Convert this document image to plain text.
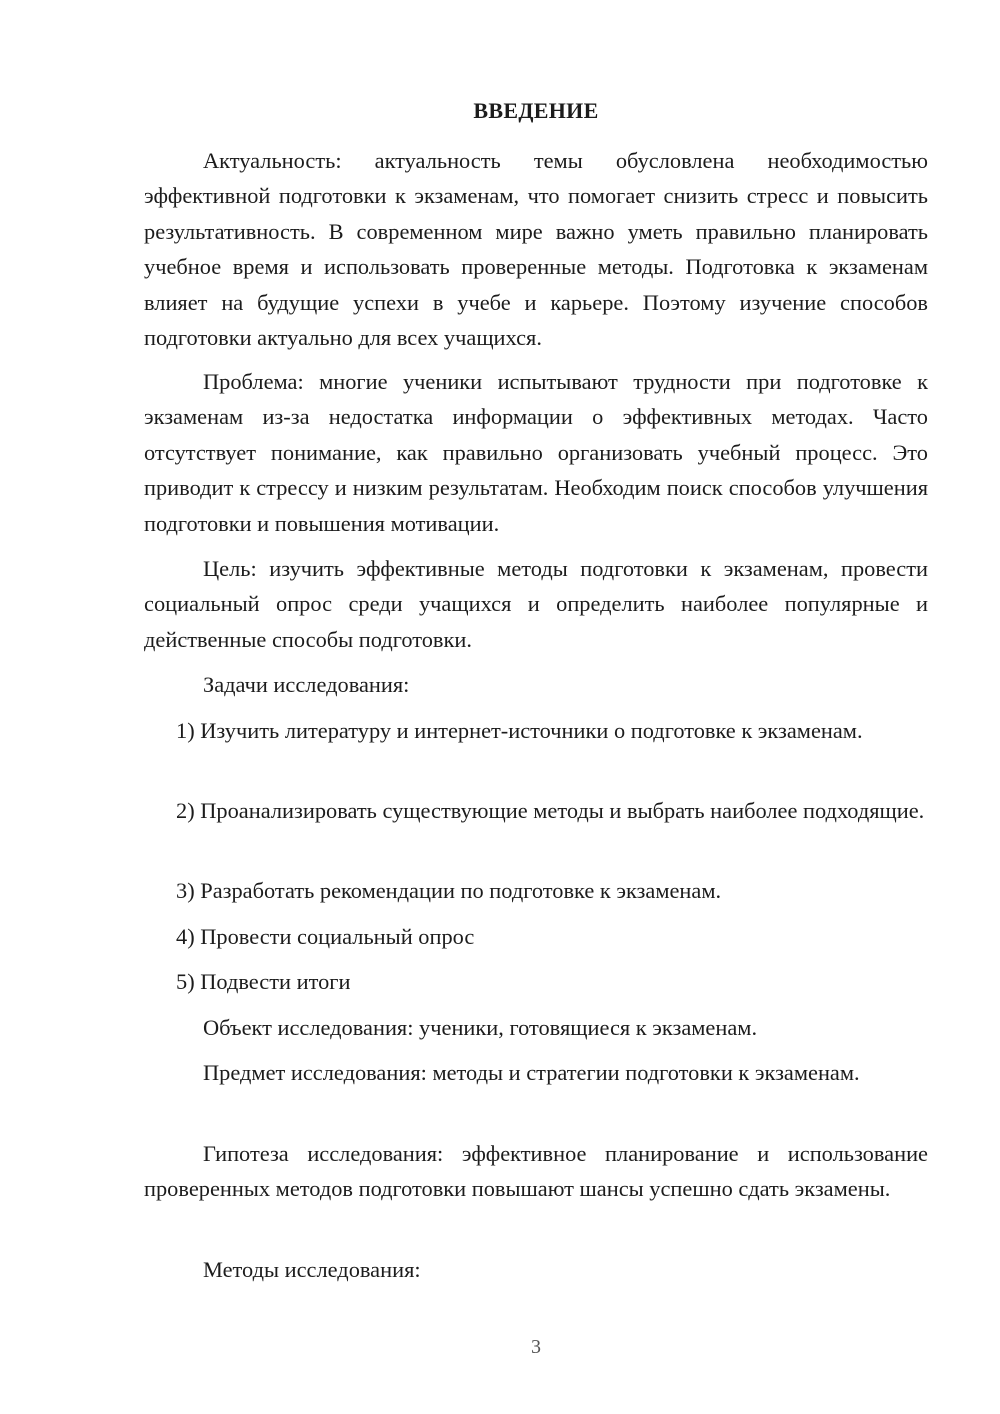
ВВЕДЕНИЕ

Актуальность: актуальность темы обусловлена необходимостью эффективной подготовки к экзаменам, что помогает снизить стресс и повысить результативность. В современном мире важно уметь правильно планировать учебное время и использовать проверенные методы. Подготовка к экзаменам влияет на будущие успехи в учебе и карьере. Поэтому изучение способов подготовки актуально для всех учащихся.

Проблема: многие ученики испытывают трудности при подготовке к экзаменам из-за недостатка информации о эффективных методах. Часто отсутствует понимание, как правильно организовать учебный процесс. Это приводит к стрессу и низким результатам. Необходим поиск способов улучшения подготовки и повышения мотивации.

Цель: изучить эффективные методы подготовки к экзаменам, провести социальный опрос среди учащихся и определить наиболее популярные и действенные способы подготовки.

Задачи исследования:

1) Изучить литературу и интернет-источники о подготовке к экзаменам.

2) Проанализировать существующие методы и выбрать наиболее подходящие.

3) Разработать рекомендации по подготовке к экзаменам.

4) Провести социальный опрос

5) Подвести итоги

Объект исследования: ученики, готовящиеся к экзаменам.

Предмет исследования: методы и стратегии подготовки к экзаменам.

Гипотеза исследования: эффективное планирование и использование проверенных методов подготовки повышают шансы успешно сдать экзамены.

Методы исследования:

3
